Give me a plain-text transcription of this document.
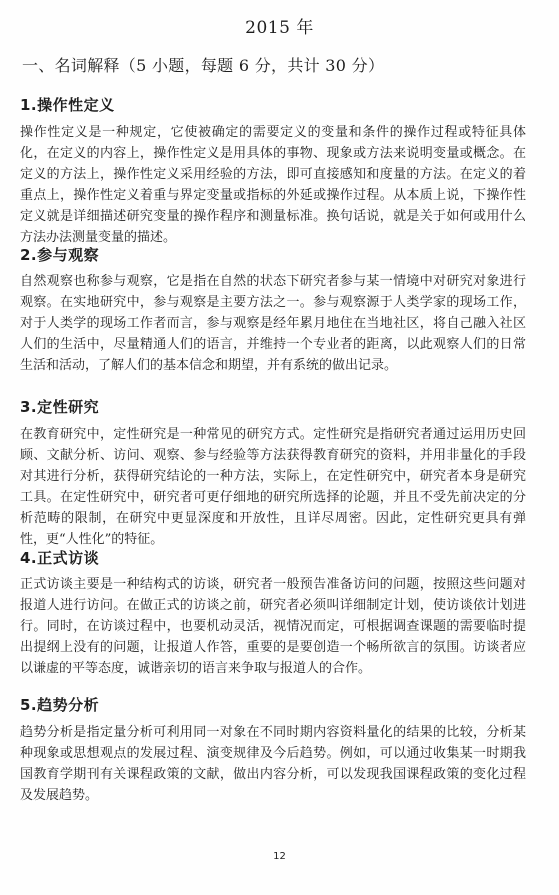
2015 年
一、名词解释（5 小题，每题 6 分，共计 30 分）
1.操作性定义
操作性定义是一种规定，它使被确定的需要定义的变量和条件的操作过程或特征具体化，在定义的内容上，操作性定义是用具体的事物、现象或方法来说明变量或概念。在定义的方法上，操作性定义采用经验的方法，即可直接感知和度量的方法。在定义的着重点上，操作性定义着重与界定变量或指标的外延或操作过程。从本质上说，下操作性定义就是详细描述研究变量的操作程序和测量标准。换句话说，就是关于如何或用什么方法办法测量变量的描述。
2.参与观察
自然观察也称参与观察，它是指在自然的状态下研究者参与某一情境中对研究对象进行观察。在实地研究中，参与观察是主要方法之一。参与观察源于人类学家的现场工作，对于人类学的现场工作者而言，参与观察是经年累月地住在当地社区，将自己融入社区人们的生活中，尽量精通人们的语言，并维持一个专业者的距离，以此观察人们的日常生活和活动，了解人们的基本信念和期望，并有系统的做出记录。
3.定性研究
在教育研究中，定性研究是一种常见的研究方式。定性研究是指研究者通过运用历史回顾、文献分析、访问、观察、参与经验等方法获得教育研究的资料，并用非量化的手段对其进行分析，获得研究结论的一种方法，实际上，在定性研究中，研究者本身是研究工具。在定性研究中，研究者可更仔细地的研究所选择的论题，并且不受先前决定的分析范畴的限制，在研究中更显深度和开放性，且详尽周密。因此，定性研究更具有弹性，更“人性化”的特征。
4.正式访谈
正式访谈主要是一种结构式的访谈，研究者一般预告准备访问的问题，按照这些问题对报道人进行访问。在做正式的访谈之前，研究者必须叫详细制定计划，使访谈依计划进行。同时，在访谈过程中，也要机动灵活，视情况而定，可根据调查课题的需要临时提出提纲上没有的问题，让报道人作答，重要的是要创造一个畅所欲言的氛围。访谈者应以谦虚的平等态度，诚谐亲切的语言来争取与报道人的合作。
5.趋势分析
趋势分析是指定量分析可利用同一对象在不同时期内容资料量化的结果的比较，分析某种现象或思想观点的发展过程、演变规律及今后趋势。例如，可以通过收集某一时期我国教育学期刊有关课程政策的文献，做出内容分析，可以发现我国课程政策的变化过程及发展趋势。
12
